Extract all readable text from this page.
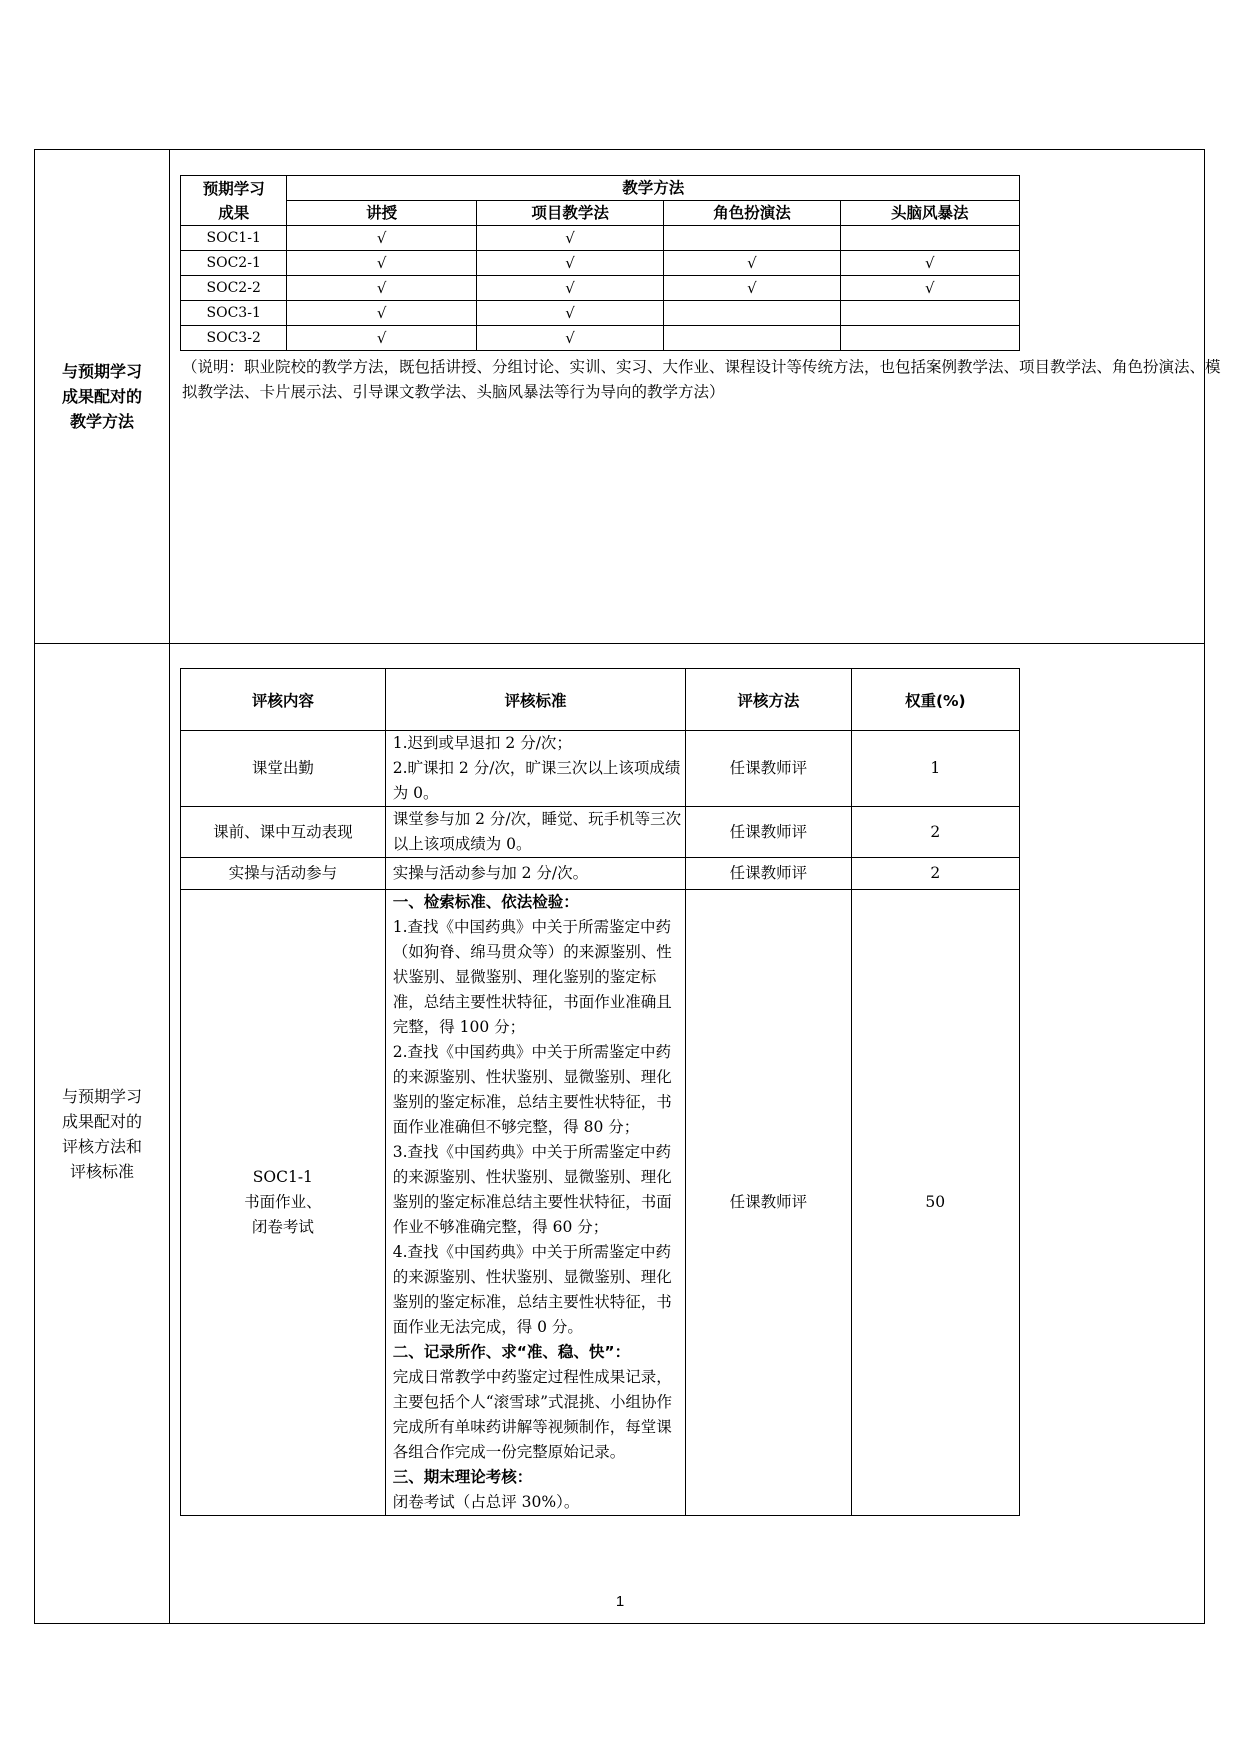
与预期学习
成果配对的
教学方法

预期学习
成果
	教学方法
讲授	项目教学法	角色扮演法	头脑风暴法
SOC1-1	√	√		
SOC2-1	√	√	√	√
SOC2-2	√	√	√	√
SOC3-1	√	√		
SOC3-2	√	√		
（说明：职业院校的教学方法，既包括讲授、分组讨论、实训、实习、大作业、课程设计等传统方法，也包括案例教学法、项目教学法、角色扮演法、模拟教学法、卡片展示法、引导课文教学法、头脑风暴法等行为导向的教学方法）

与预期学习
成果配对的
评核方法和
评核标准

评核内容	评核标准	评核方法	权重(%)

课堂出勤

1.迟到或早退扣 2 分/次；
2.旷课扣 2 分/次，旷课三次以上该项成绩为 0。
	任课教师评	1

课前、课中互动表现

课堂参与加 2 分/次，睡觉、玩手机等三次以上该项成绩为 0。
	任课教师评	2

实操与活动参与	实操与活动参与加 2 分/次。	任课教师评	2

SOC1-1
书面作业、
闭卷考试

一、检索标准、依法检验：
1.查找《中国药典》中关于所需鉴定中药（如狗脊、绵马贯众等）的来源鉴别、性状鉴别、显微鉴别、理化鉴别的鉴定标准，总结主要性状特征，书面作业准确且完整，得 100 分；
2.查找《中国药典》中关于所需鉴定中药的来源鉴别、性状鉴别、显微鉴别、理化鉴别的鉴定标准，总结主要性状特征，书面作业准确但不够完整，得 80 分；
3.查找《中国药典》中关于所需鉴定中药的来源鉴别、性状鉴别、显微鉴别、理化鉴别的鉴定标准总结主要性状特征，书面作业不够准确完整，得 60 分；
4.查找《中国药典》中关于所需鉴定中药的来源鉴别、性状鉴别、显微鉴别、理化鉴别的鉴定标准，总结主要性状特征，书面作业无法完成，得 0 分。
二、记录所作、求“准、稳、快”：
完成日常教学中药鉴定过程性成果记录，主要包括个人“滚雪球”式混挑、小组协作完成所有单味药讲解等视频制作，每堂课各组合作完成一份完整原始记录。
三、期末理论考核：
闭卷考试（占总评 30%）。
	任课教师评	50
1
